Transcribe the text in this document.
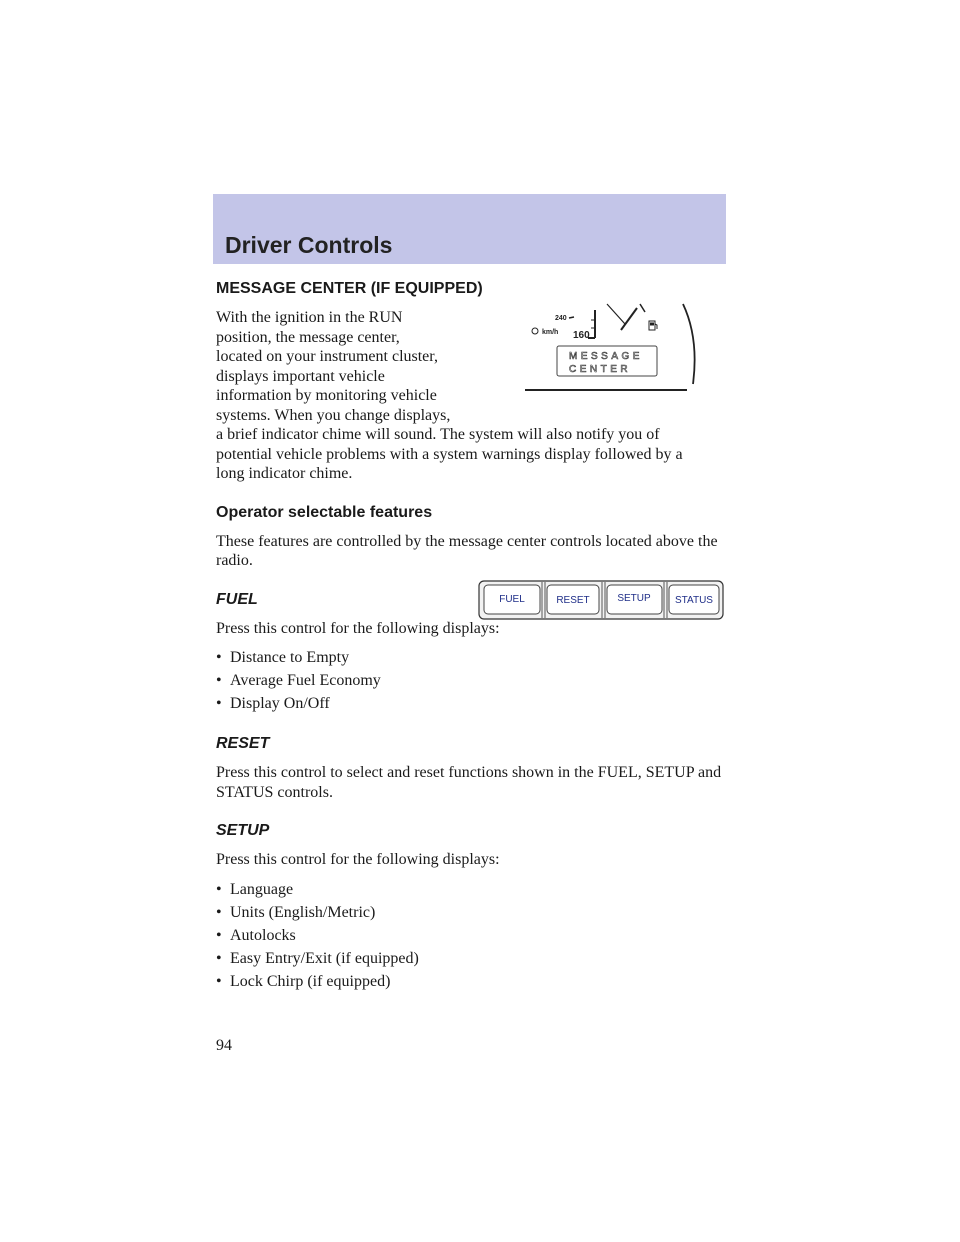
Driver Controls
MESSAGE CENTER (IF EQUIPPED)

With the ignition in the RUN
position, the message center,
located on your instrument cluster,
displays important vehicle
information by monitoring vehicle
systems. When you change displays,

a brief indicator chime will sound. The system will also notify you of
potential vehicle problems with a system warnings display followed by a
long indicator chime.

240
km/h 160
MESSAGE
CENTER
Operator selectable features

These features are controlled by the message center controls located above the radio.

FUEL

Press this control for the following displays:

• Distance to Empty
• Average Fuel Economy
• Display On/Off
RESET

Press this control to select and reset functions shown in the FUEL, SETUP and STATUS controls.

SETUP

Press this control for the following displays:

• Language
• Units (English/Metric)
• Autolocks
• Easy Entry/Exit (if equipped)
• Lock Chirp (if equipped)
FUEL	RESET	SETUP STATUS

94
